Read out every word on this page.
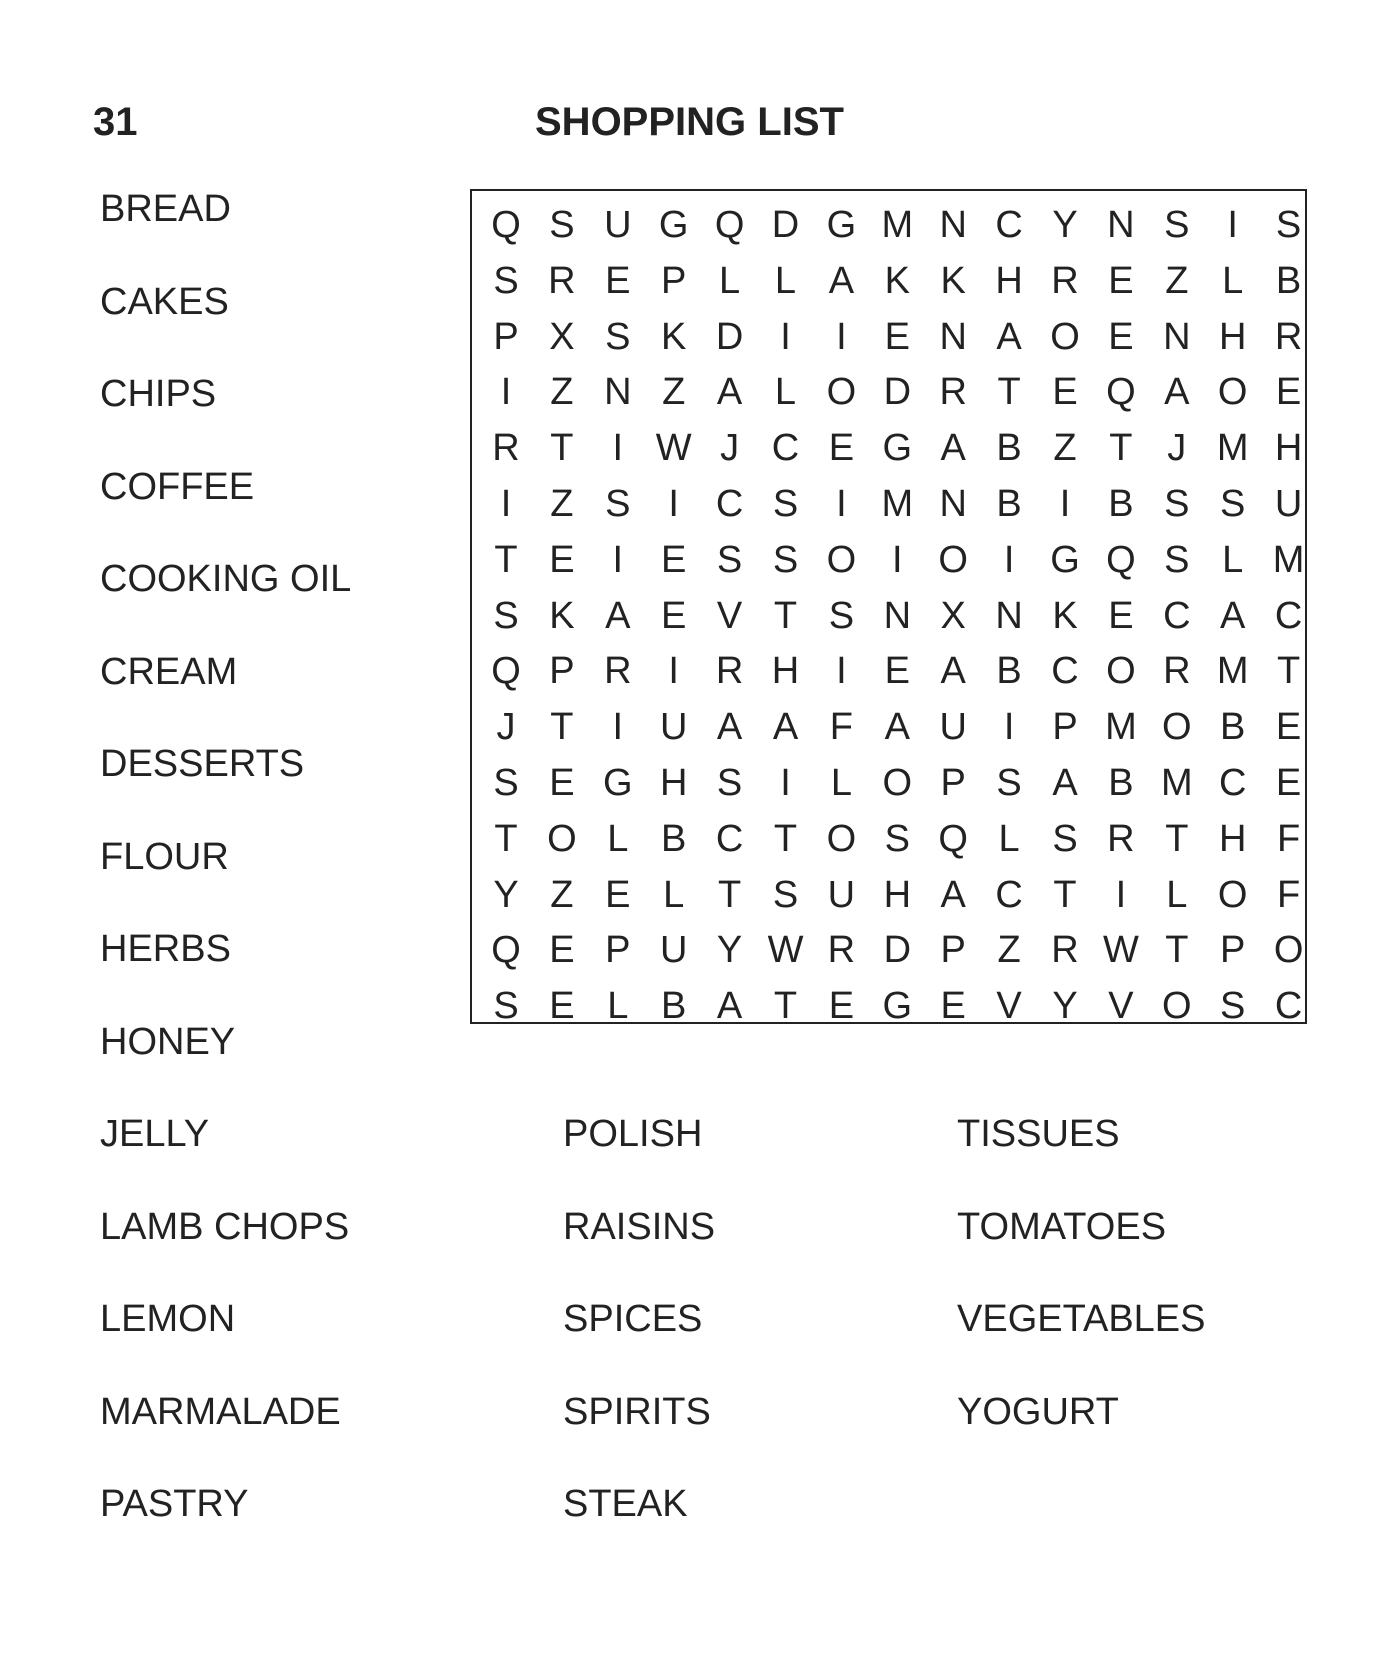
31	SHOPPING LIST
Q S U G Q D G M N C Y N S I S
S R E P L L A K K H R E Z L B
P X S K D I	I E N A O E N H R
I	Z N Z A L O D R T E Q A O E
R T	I W J C E G A B Z T J M H
I	Z S I C S I M N B I B S S U
T E I E S S O I O I G Q S L M
S K A E V T S N X N K E C A C
Q P R I R H I E A B C O R M T
J T	I U A A F A U I P M O B E
S E G H S I	L O P S A B M C E
T O L B C T O S Q L S R T H F
Y Z E L T S U H A C T	I	L O F
Q E P U Y W R D P Z R W T P O
S E L B A T E G E V Y V O S C
BREAD
CAKES
CHIPS
COFFEE
COOKING OIL
CREAM
DESSERTS
FLOUR
HERBS
HONEY
JELLY
LAMB CHOPS
LEMON
MARMALADE
PASTRY
POLISH
RAISINS
SPICES
SPIRITS
STEAK
TISSUES
TOMATOES
VEGETABLES
YOGURT
